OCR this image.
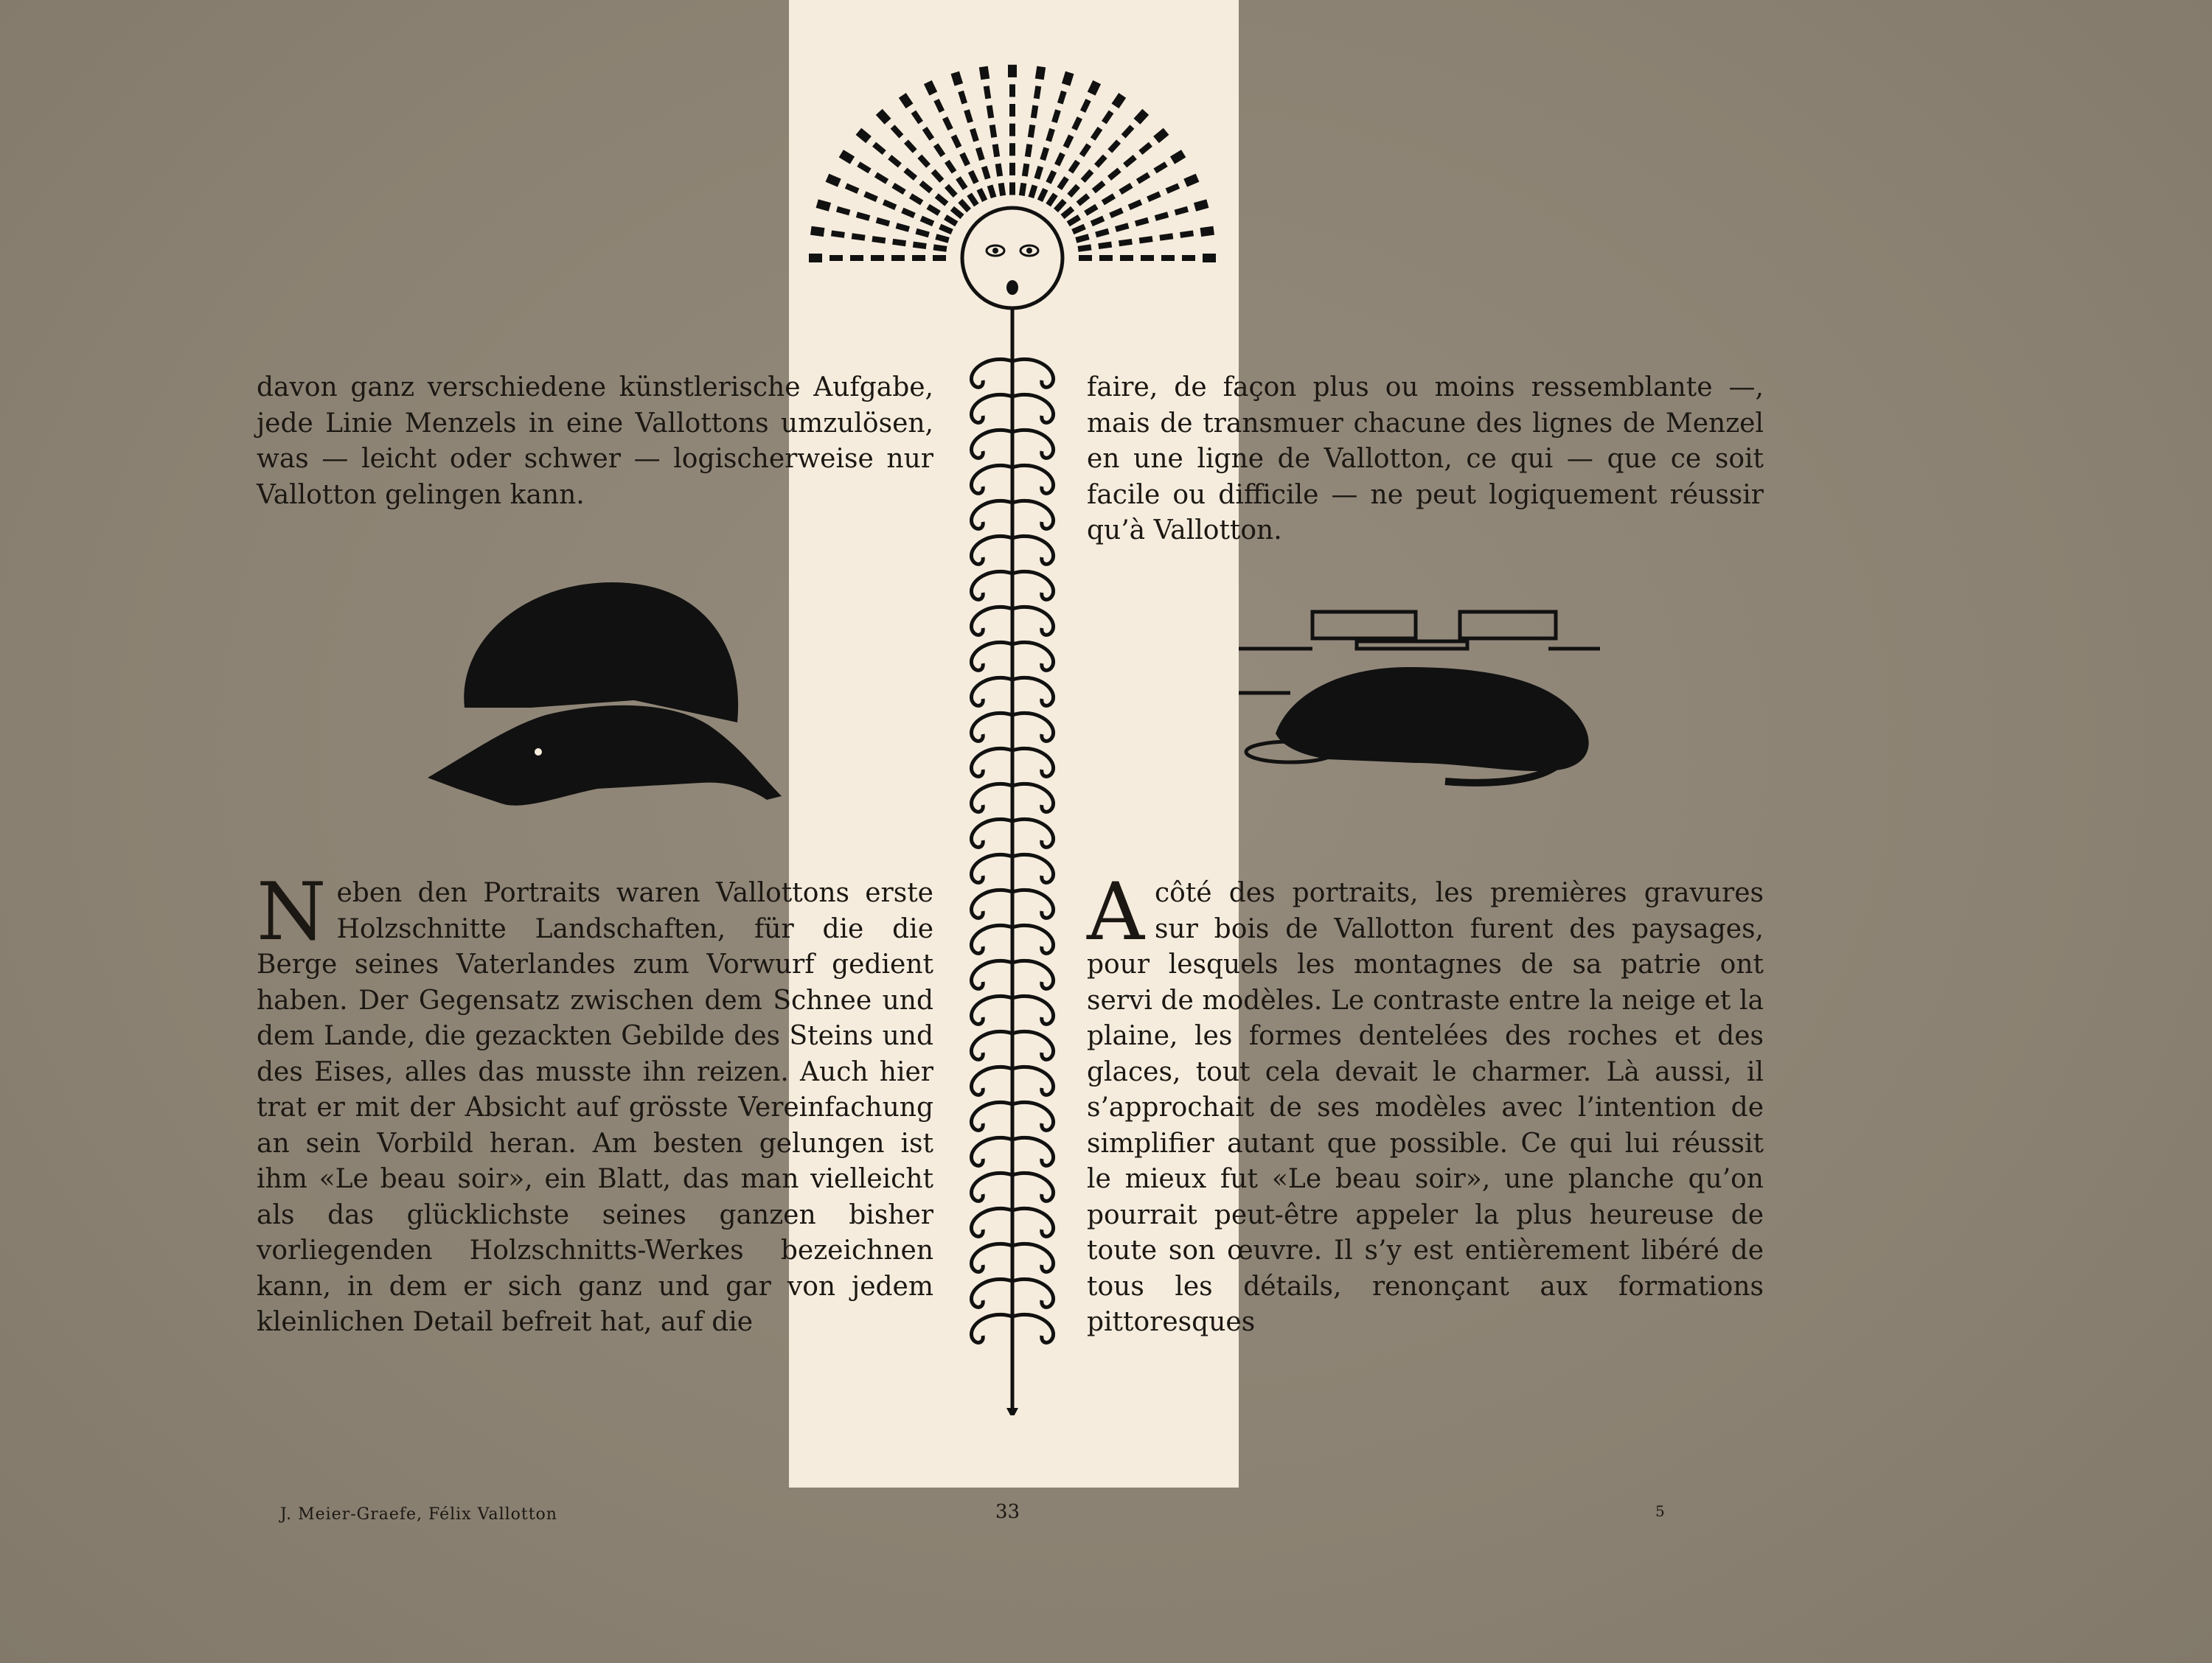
davon ganz verschiedene künstlerische Aufgabe, jede Linie Menzels in eine Vallottons umzulösen, was — leicht oder schwer — logischerweise nur Vallotton gelingen kann.

faire, de façon plus ou moins ressemblante —, mais de transmuer chacune des lignes de Menzel en une ligne de Vallotton, ce qui — que ce soit facile ou difficile — ne peut logiquement réussir qu’à Vallotton.

N eben den Portraits waren Vallottons erste Holzschnitte Landschaften, für die die Berge seines Vaterlandes zum Vorwurf gedient haben. Der Gegensatz zwischen dem Schnee und dem Lande, die gezackten Gebilde des Steins und des Eises, alles das musste ihn reizen. Auch hier trat er mit der Absicht auf grösste Vereinfachung an sein Vorbild heran. Am besten gelungen ist ihm «Le beau soir», ein Blatt, das man vielleicht als das glücklichste seines ganzen bisher vorliegenden Holzschnitts-Werkes bezeichnen kann, in dem er sich ganz und gar von jedem kleinlichen Detail befreit hat, auf die

A côté des portraits, les premières gravures sur bois de Vallotton furent des paysages, pour lesquels les montagnes de sa patrie ont servi de modèles. Le contraste entre la neige et la plaine, les formes dentelées des roches et des glaces, tout cela devait le charmer. Là aussi, il s’approchait de ses modèles avec l’intention de simplifier autant que possible. Ce qui lui réussit le mieux fut «Le beau soir», une planche qu’on pourrait peut-être appeler la plus heureuse de toute son œuvre. Il s’y est entièrement libéré de tous les détails, renonçant aux formations pittoresques

J. Meier-Graefe, Félix Vallotton	33	5
